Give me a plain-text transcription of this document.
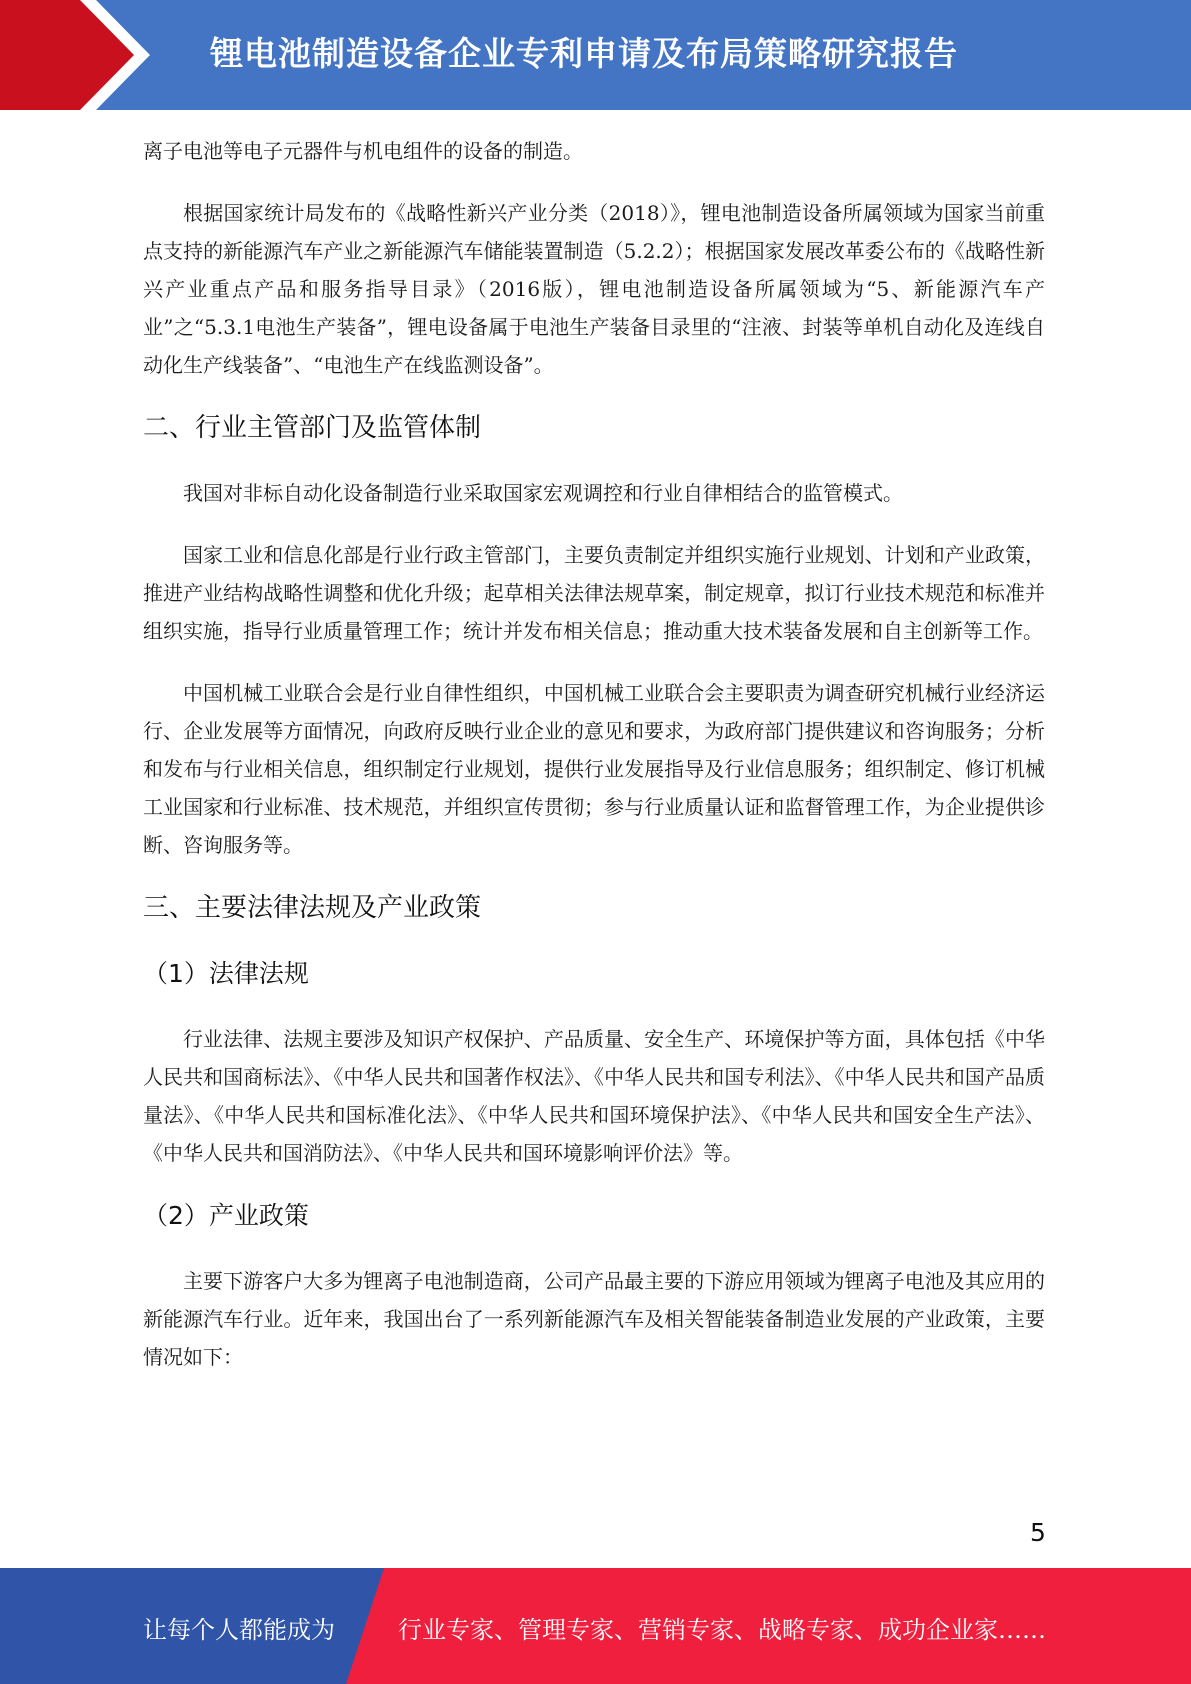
锂电池制造设备企业专利申请及布局策略研究报告

离子电池等电子元器件与机电组件的设备的制造。

根据国家统计局发布的《战略性新兴产业分类（2018）》，锂电池制造设备所属领域为国家当前重点支持的新能源汽车产业之新能源汽车储能装置制造（5.2.2）；根据国家发展改革委公布的《战略性新兴产业重点产品和服务指导目录》（2016版），锂电池制造设备所属领域为“5、新能源汽车产业”之“5.3.1电池生产装备”，锂电设备属于电池生产装备目录里的“注液、封装等单机自动化及连线自动化生产线装备”、“电池生产在线监测设备”。

二、行业主管部门及监管体制

我国对非标自动化设备制造行业采取国家宏观调控和行业自律相结合的监管模式。

国家工业和信息化部是行业行政主管部门，主要负责制定并组织实施行业规划、计划和产业政策，推进产业结构战略性调整和优化升级；起草相关法律法规草案，制定规章，拟订行业技术规范和标准并组织实施，指导行业质量管理工作；统计并发布相关信息；推动重大技术装备发展和自主创新等工作。

中国机械工业联合会是行业自律性组织，中国机械工业联合会主要职责为调查研究机械行业经济运行、企业发展等方面情况，向政府反映行业企业的意见和要求，为政府部门提供建议和咨询服务；分析和发布与行业相关信息，组织制定行业规划，提供行业发展指导及行业信息服务；组织制定、修订机械工业国家和行业标准、技术规范，并组织宣传贯彻；参与行业质量认证和监督管理工作，为企业提供诊断、咨询服务等。

三、主要法律法规及产业政策
（1）法律法规

行业法律、法规主要涉及知识产权保护、产品质量、安全生产、环境保护等方面，具体包括《中华人民共和国商标法》、《中华人民共和国著作权法》、《中华人民共和国专利法》、《中华人民共和国产品质量法》、《中华人民共和国标准化法》、《中华人民共和国环境保护法》、《中华人民共和国安全生产法》、《中华人民共和国消防法》、《中华人民共和国环境影响评价法》等。

（2）产业政策

主要下游客户大多为锂离子电池制造商，公司产品最主要的下游应用领域为锂离子电池及其应用的新能源汽车行业。近年来，我国出台了一系列新能源汽车及相关智能装备制造业发展的产业政策，主要情况如下：

5
让每个人都能成为	行业专家、管理专家、营销专家、战略专家、成功企业家……
